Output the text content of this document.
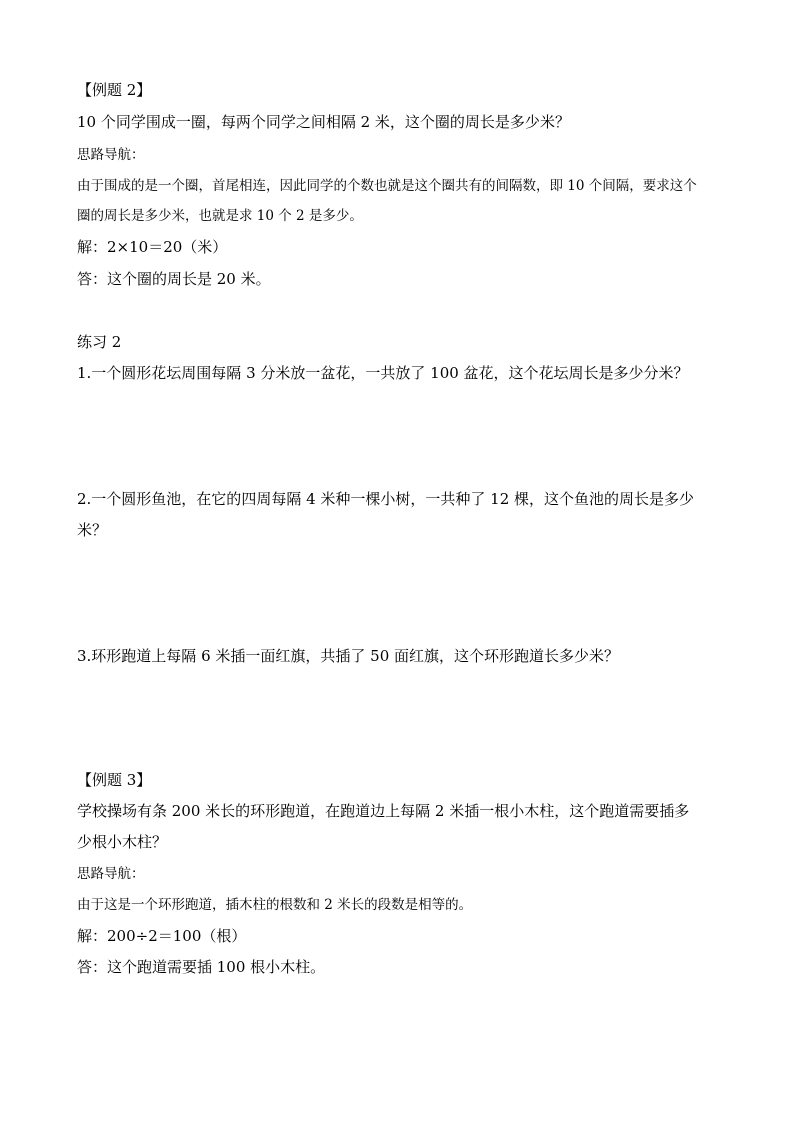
【例题 2】
10 个同学围成一圈，每两个同学之间相隔 2 米，这个圈的周长是多少米？
思路导航：
由于围成的是一个圈，首尾相连，因此同学的个数也就是这个圈共有的间隔数，即 10 个间隔，要求这个
圈的周长是多少米，也就是求 10 个 2 是多少。
解：2×10＝20（米）
答：这个圈的周长是 20 米。
练习 2
1.一个圆形花坛周围每隔 3 分米放一盆花，一共放了 100 盆花，这个花坛周长是多少分米？
2.一个圆形鱼池，在它的四周每隔 4 米种一棵小树，一共种了 12 棵，这个鱼池的周长是多少
米？
3.环形跑道上每隔 6 米插一面红旗，共插了 50 面红旗，这个环形跑道长多少米？
【例题 3】
学校操场有条 200 米长的环形跑道，在跑道边上每隔 2 米插一根小木柱，这个跑道需要插多
少根小木柱？
思路导航：
由于这是一个环形跑道，插木柱的根数和 2 米长的段数是相等的。
解：200÷2＝100（根）
答：这个跑道需要插 100 根小木柱。
